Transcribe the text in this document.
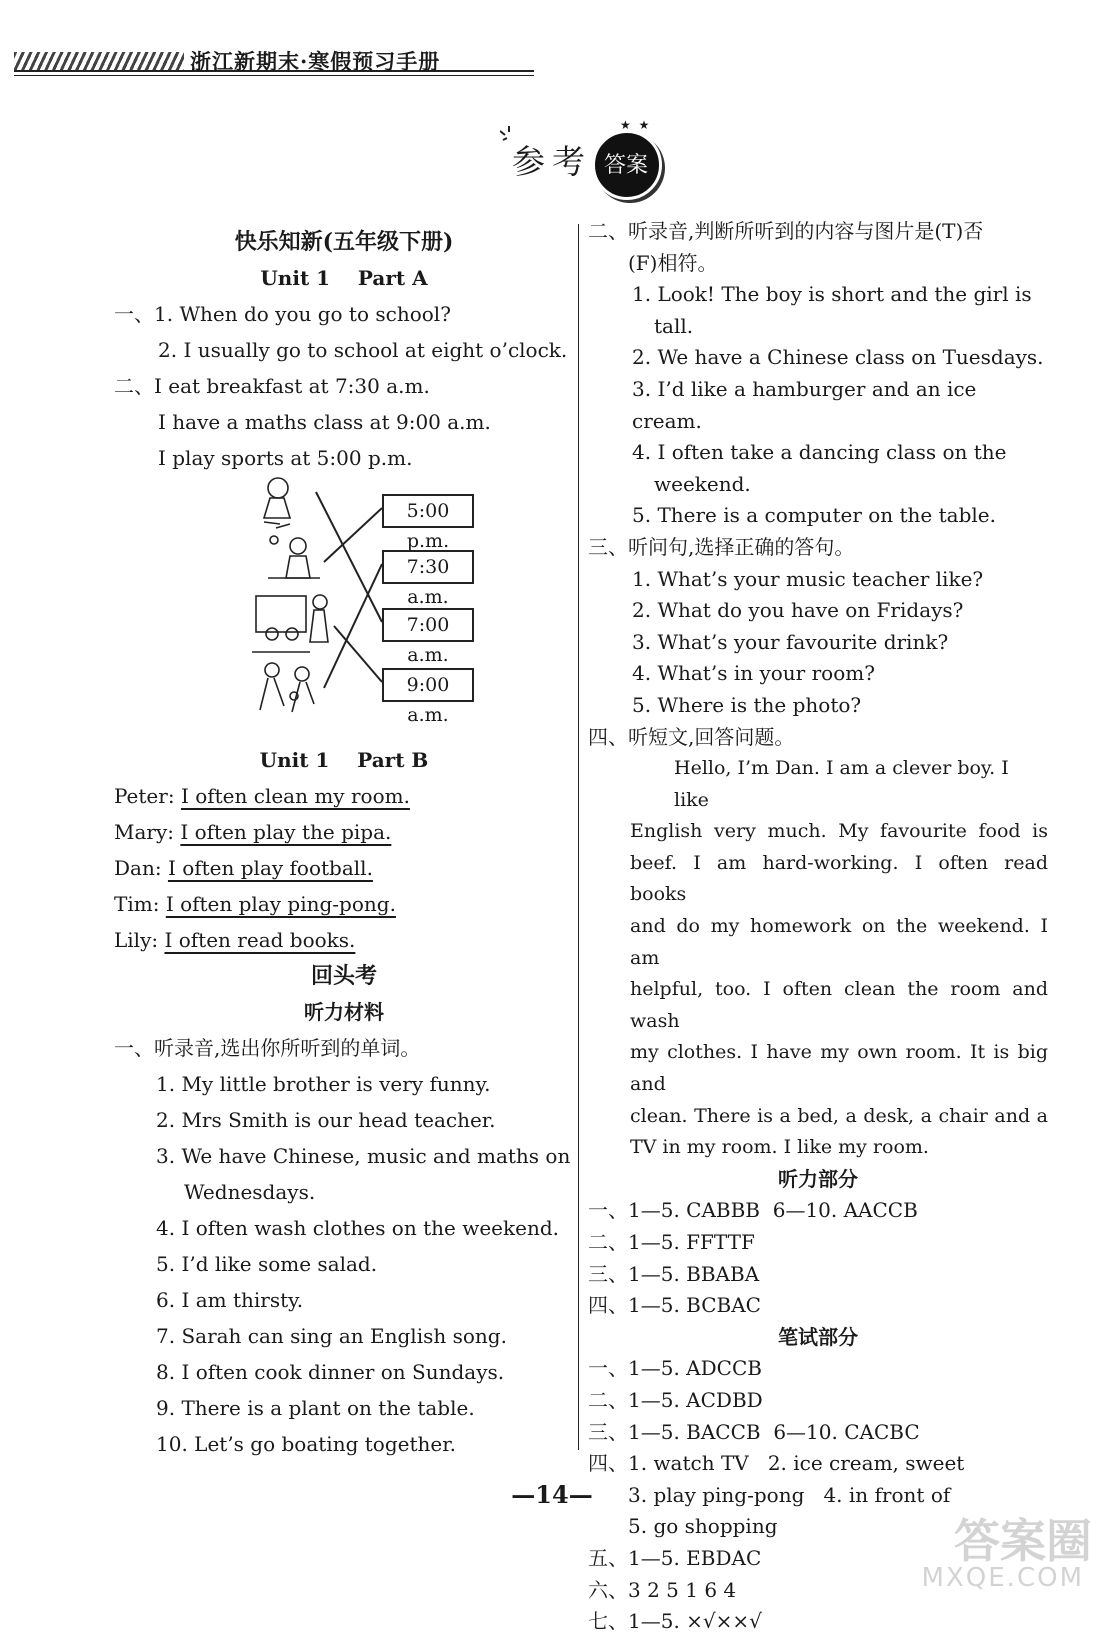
浙江新期末·寒假预习手册
参 考 答案
★ ★
快乐知新(五年级下册)
Unit 1    Part A
一、1. When do you go to school?
2. I usually go to school at eight o’clock.
二、I eat breakfast at 7:30 a.m.
I have a maths class at 9:00 a.m.
I play sports at 5:00 p.m.
Unit 1    Part B
Peter: I often clean my room.
Mary: I often play the pipa.
Dan: I often play football.
Tim: I often play ping-pong.
Lily: I often read books.
回头考
听力材料
一、听录音,选出你所听到的单词。
1. My little brother is very funny.
2. Mrs Smith is our head teacher.
3. We have Chinese, music and maths on
Wednesdays.
4. I often wash clothes on the weekend.
5. I’d like some salad.
6. I am thirsty.
7. Sarah can sing an English song.
8. I often cook dinner on Sundays.
9. There is a plant on the table.
10. Let’s go boating together.
5:00 p.m.
7:30 a.m.
7:00 a.m.
9:00 a.m.
二、听录音,判断所听到的内容与图片是(T)否
(F)相符。
1. Look! The boy is short and the girl is
tall.
2. We have a Chinese class on Tuesdays.
3. I’d like a hamburger and an ice cream.
4. I often take a dancing class on the
weekend.
5. There is a computer on the table.
三、听问句,选择正确的答句。
1. What’s your music teacher like?
2. What do you have on Fridays?
3. What’s your favourite drink?
4. What’s in your room?
5. Where is the photo?
四、听短文,回答问题。
Hello, I’m Dan. I am a clever boy. I like
English very much. My favourite food is
beef. I am hard-working. I often read books
and do my homework on the weekend. I am
helpful, too. I often clean the room and wash
my clothes. I have my own room. It is big and
clean. There is a bed, a desk, a chair and a
TV in my room. I like my room.
听力部分
一、1—5. CABBB  6—10. AACCB
二、1—5. FFTTF
三、1—5. BBABA
四、1—5. BCBAC
笔试部分
一、1—5. ADCCB
二、1—5. ACDBD
三、1—5. BACCB  6—10. CACBC
四、1. watch TV   2. ice cream, sweet
3. play ping-pong   4. in front of
5. go shopping
五、1—5. EBDAC
六、3 2 5 1 6 4
七、1—5. ×√××√
—14—
答案圈
MXQE.COM
